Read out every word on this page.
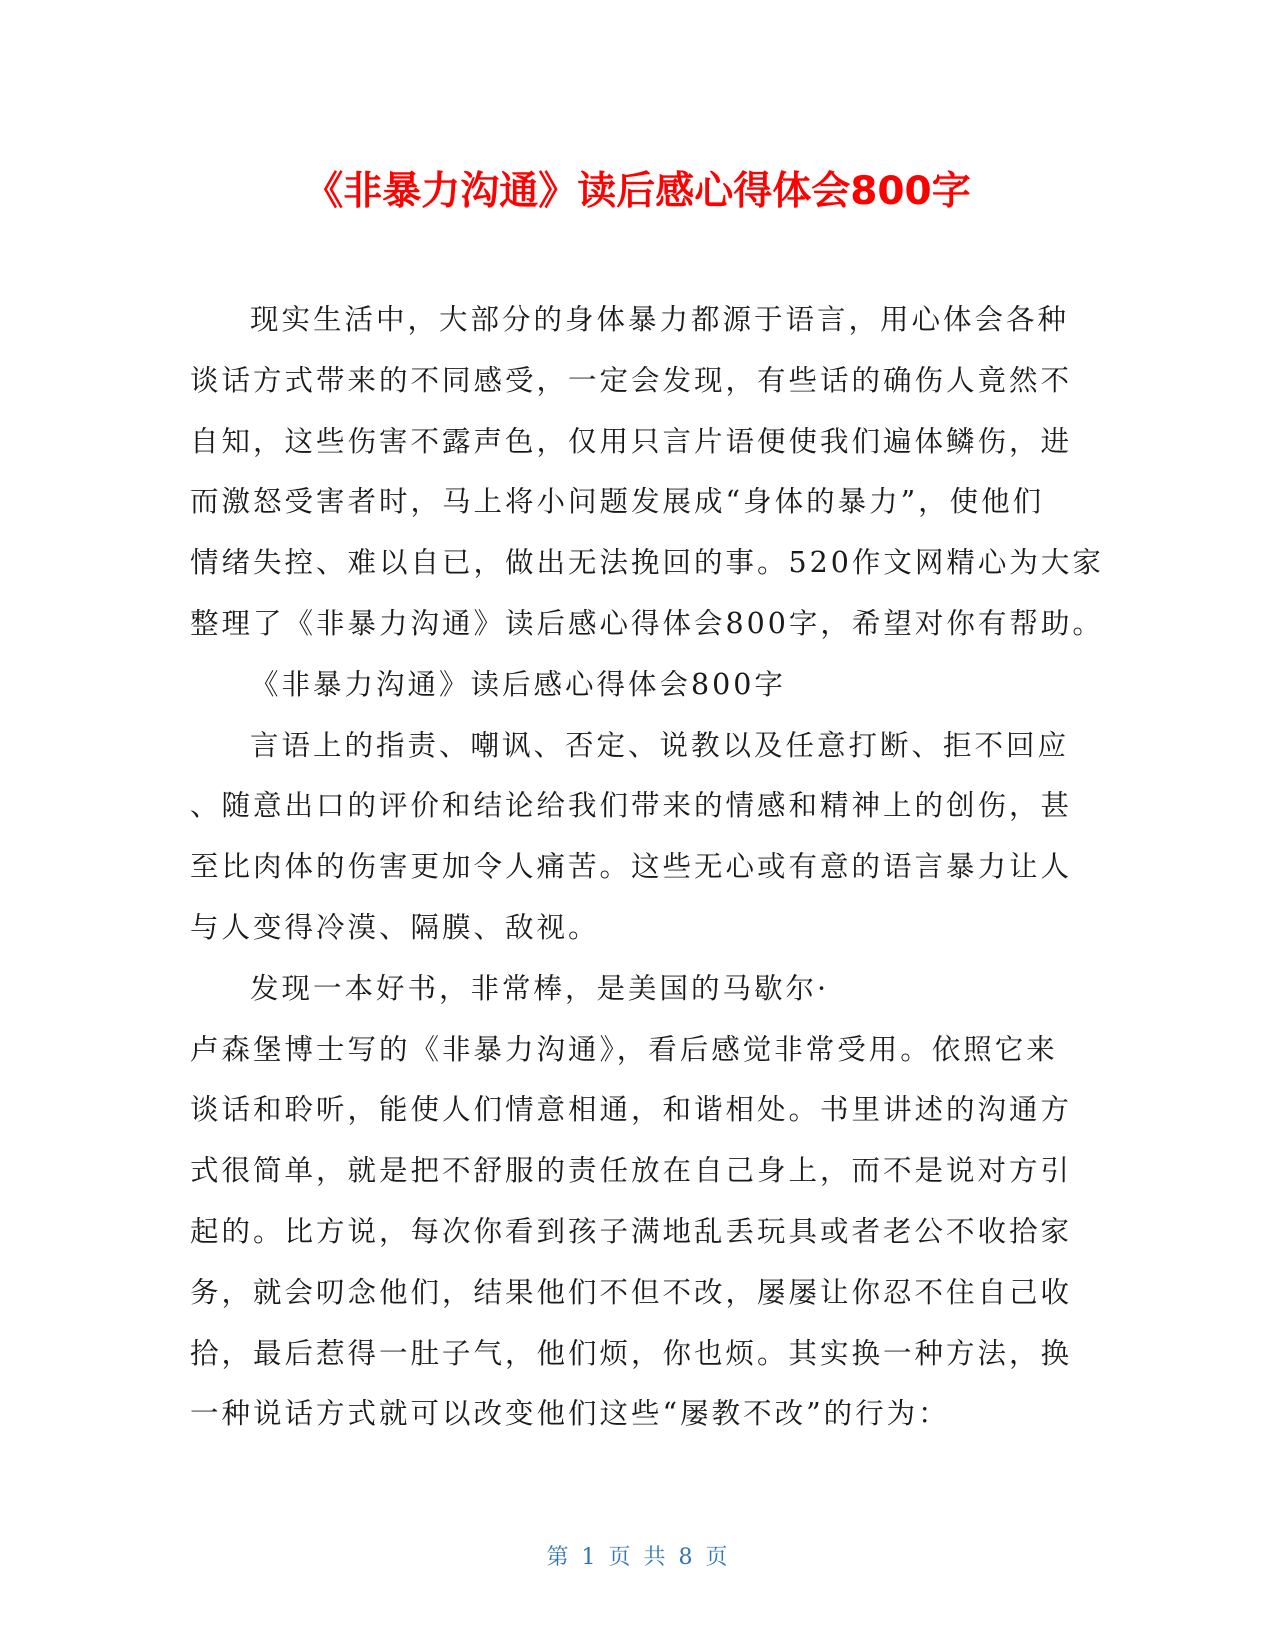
《非暴力沟通》读后感心得体会800字
现实生活中，大部分的身体暴力都源于语言，用心体会各种
谈话方式带来的不同感受，一定会发现，有些话的确伤人竟然不
自知，这些伤害不露声色，仅用只言片语便使我们遍体鳞伤，进
而激怒受害者时，马上将小问题发展成“身体的暴力”，使他们
情绪失控、难以自已，做出无法挽回的事。520作文网精心为大家
整理了《非暴力沟通》读后感心得体会800字，希望对你有帮助。
《非暴力沟通》读后感心得体会800字
言语上的指责、嘲讽、否定、说教以及任意打断、拒不回应
、随意出口的评价和结论给我们带来的情感和精神上的创伤，甚
至比肉体的伤害更加令人痛苦。这些无心或有意的语言暴力让人
与人变得冷漠、隔膜、敌视。
发现一本好书，非常棒，是美国的马歇尔·
卢森堡博士写的《非暴力沟通》，看后感觉非常受用。依照它来
谈话和聆听，能使人们情意相通，和谐相处。书里讲述的沟通方
式很简单，就是把不舒服的责任放在自己身上，而不是说对方引
起的。比方说，每次你看到孩子满地乱丢玩具或者老公不收拾家
务，就会叨念他们，结果他们不但不改，屡屡让你忍不住自己收
拾，最后惹得一肚子气，他们烦，你也烦。其实换一种方法，换
一种说话方式就可以改变他们这些“屡教不改”的行为：
第 1 页 共 8 页
